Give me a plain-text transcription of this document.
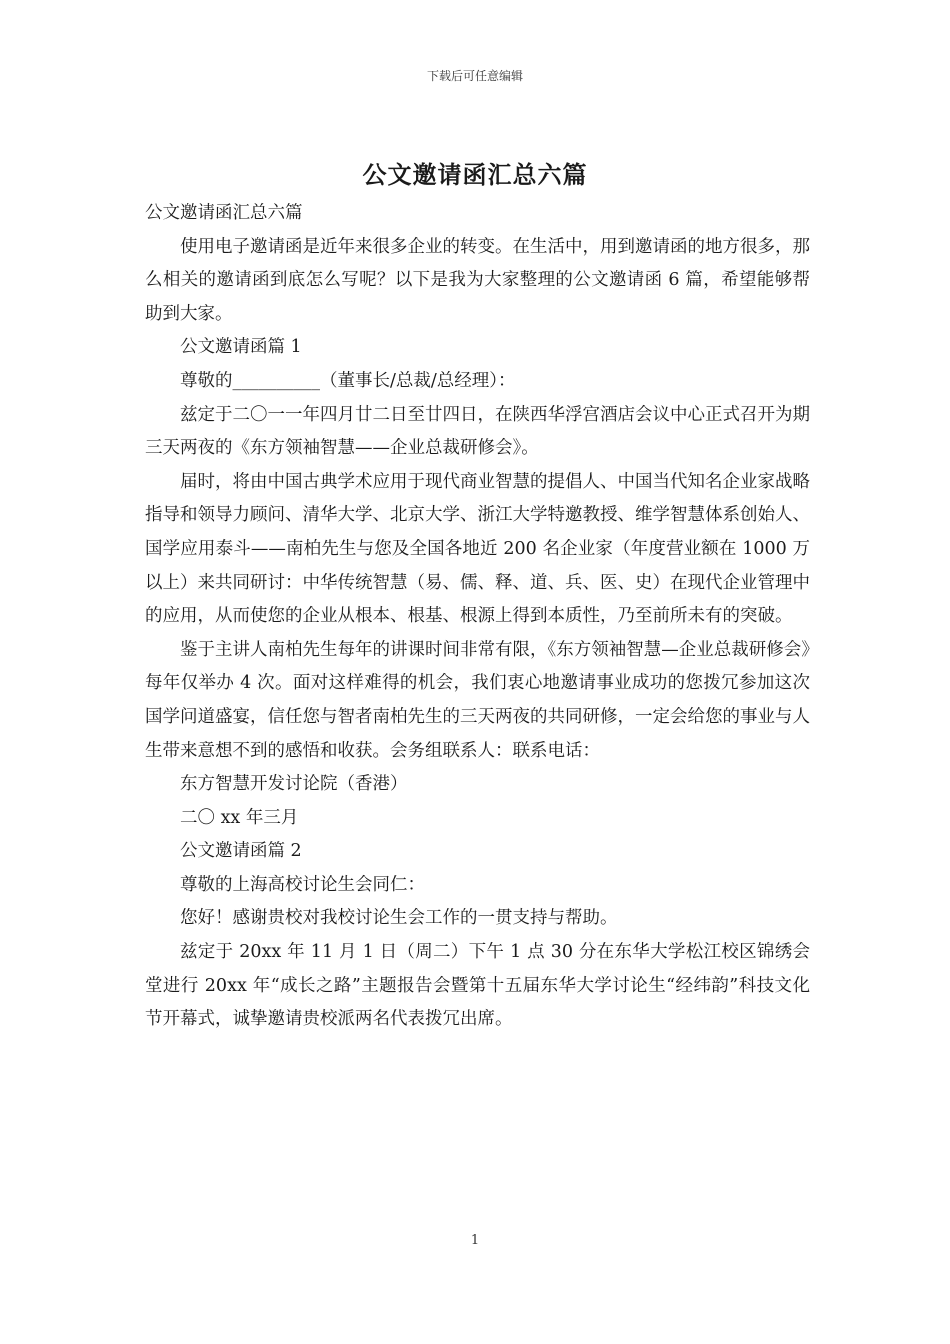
下载后可任意编辑
公文邀请函汇总六篇

公文邀请函汇总六篇

使用电子邀请函是近年来很多企业的转变。在生活中，用到邀请函的地方很多，那么相关的邀请函到底怎么写呢？以下是我为大家整理的公文邀请函 6 篇，希望能够帮助到大家。

公文邀请函篇 1

尊敬的__________（董事长/总裁/总经理）：

兹定于二〇一一年四月廿二日至廿四日，在陕西华浮宫酒店会议中心正式召开为期三天两夜的《东方领袖智慧——企业总裁研修会》。

届时，将由中国古典学术应用于现代商业智慧的提倡人、中国当代知名企业家战略指导和领导力顾问、清华大学、北京大学、浙江大学特邀教授、维学智慧体系创始人、国学应用泰斗——南柏先生与您及全国各地近 200 名企业家（年度营业额在 1000 万以上）来共同研讨：中华传统智慧（易、儒、释、道、兵、医、史）在现代企业管理中的应用，从而使您的企业从根本、根基、根源上得到本质性，乃至前所未有的突破。

鉴于主讲人南柏先生每年的讲课时间非常有限，《东方领袖智慧—企业总裁研修会》每年仅举办 4 次。面对这样难得的机会，我们衷心地邀请事业成功的您拨冗参加这次国学问道盛宴，信任您与智者南柏先生的三天两夜的共同研修，一定会给您的事业与人生带来意想不到的感悟和收获。会务组联系人：联系电话：

东方智慧开发讨论院（香港）

二〇 xx 年三月

公文邀请函篇 2

尊敬的上海高校讨论生会同仁：

您好！感谢贵校对我校讨论生会工作的一贯支持与帮助。

兹定于 20xx 年 11 月 1 日（周二）下午 1 点 30 分在东华大学松江校区锦绣会堂进行 20xx 年“成长之路”主题报告会暨第十五届东华大学讨论生“经纬韵”科技文化节开幕式，诚挚邀请贵校派两名代表拨冗出席。

1
